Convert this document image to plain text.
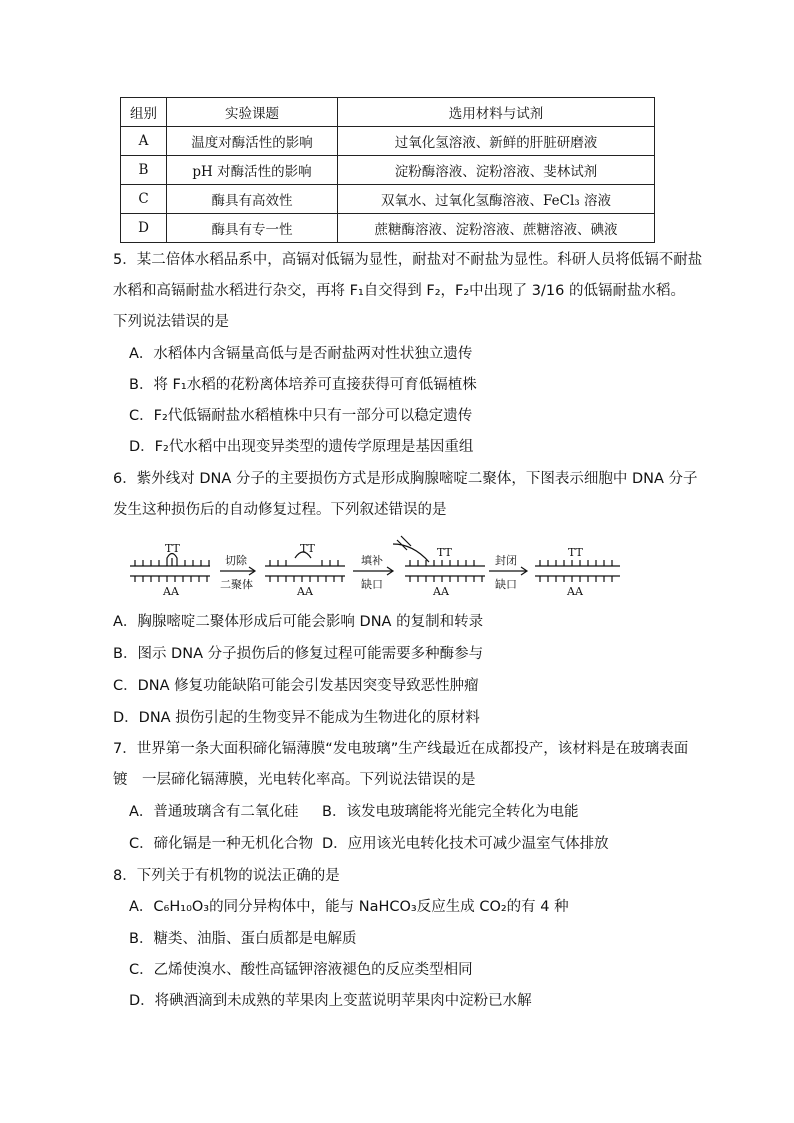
组别	实验课题	选用材料与试剂
A	温度对酶活性的影响	过氧化氢溶液、新鲜的肝脏研磨液
B	pH 对酶活性的影响	淀粉酶溶液、淀粉溶液、斐林试剂
C	酶具有高效性	双氧水、过氧化氢酶溶液、FeCl₃ 溶液
D	酶具有专一性	蔗糖酶溶液、淀粉溶液、蔗糖溶液、碘液
5．某二倍体水稻品系中，高镉对低镉为显性，耐盐对不耐盐为显性。科研人员将低镉不耐盐
水稻和高镉耐盐水稻进行杂交，再将 F₁自交得到 F₂，F₂中出现了 3/16 的低镉耐盐水稻。
下列说法错误的是
A．水稻体内含镉量高低与是否耐盐两对性状独立遗传
B．将 F₁水稻的花粉离体培养可直接获得可育低镉植株
C．F₂代低镉耐盐水稻植株中只有一部分可以稳定遗传
D．F₂代水稻中出现变异类型的遗传学原理是基因重组
6．紫外线对 DNA 分子的主要损伤方式是形成胸腺嘧啶二聚体，下图表示细胞中 DNA 分子
发生这种损伤后的自动修复过程。下列叙述错误的是
TT	TT	TT	TT
AA	AA	AA	AA
切除
二聚体
填补
缺口
封闭
缺口
A．胸腺嘧啶二聚体形成后可能会影响 DNA 的复制和转录
B．图示 DNA 分子损伤后的修复过程可能需要多种酶参与
C．DNA 修复功能缺陷可能会引发基因突变导致恶性肿瘤
D．DNA 损伤引起的生物变异不能成为生物进化的原材料
7．世界第一条大面积碲化镉薄膜“发电玻璃”生产线最近在成都投产，该材料是在玻璃表面
镀　一层碲化镉薄膜，光电转化率高。下列说法错误的是
A．普通玻璃含有二氧化硅 B．该发电玻璃能将光能完全转化为电能
C．碲化镉是一种无机化合物 D．应用该光电转化技术可减少温室气体排放
8．下列关于有机物的说法正确的是
A．C₆H₁₀O₃的同分异构体中，能与 NaHCO₃反应生成 CO₂的有 4 种
B．糖类、油脂、蛋白质都是电解质
C．乙烯使溴水、酸性高锰钾溶液褪色的反应类型相同
D．将碘酒滴到未成熟的苹果肉上变蓝说明苹果肉中淀粉已水解
